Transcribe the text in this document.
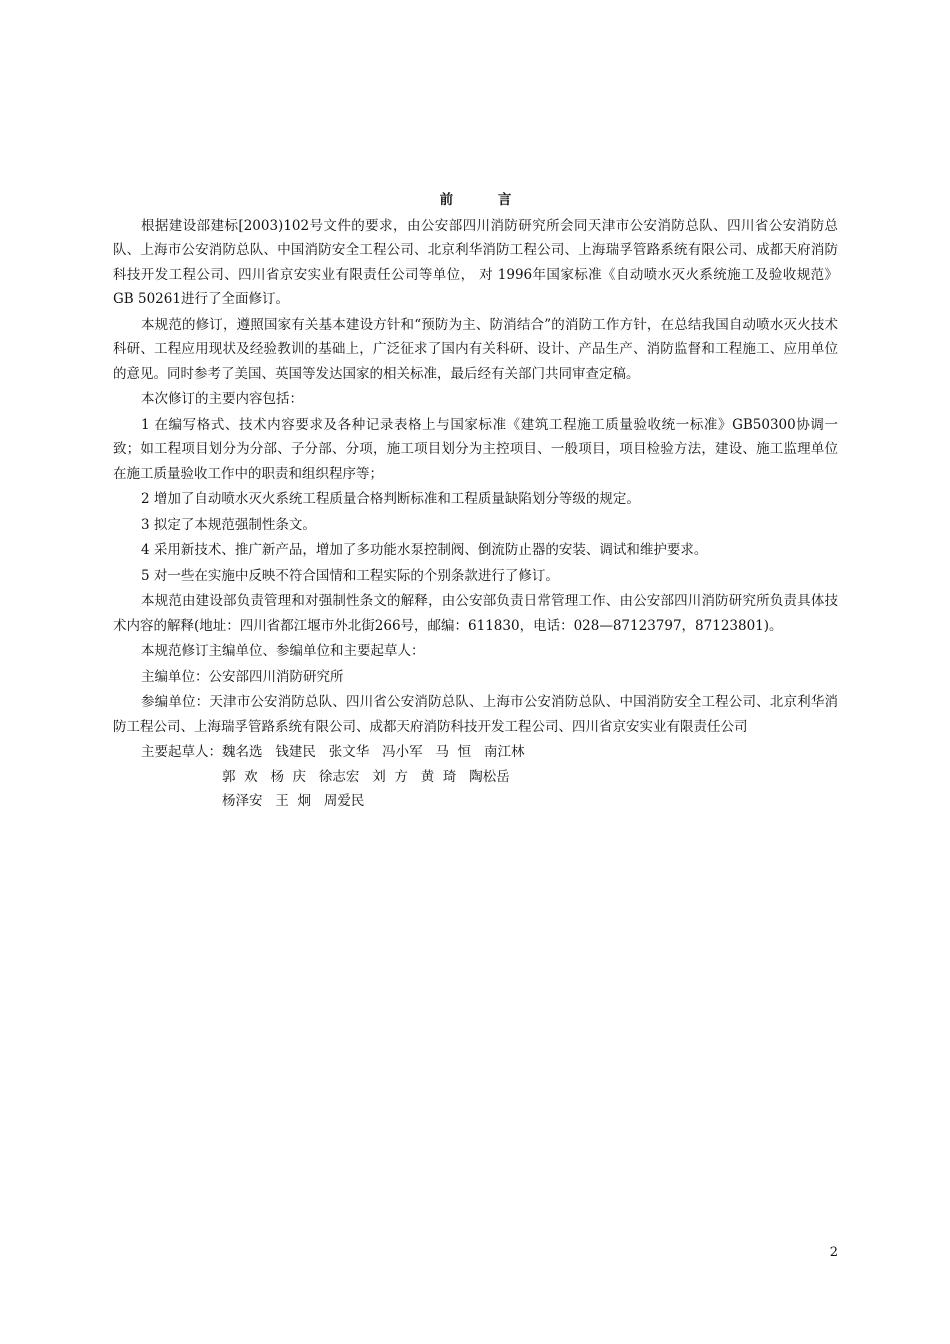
前 言
根据建设部建标[2003)102号文件的要求，由公安部四川消防研究所会同天津市公安消防总队、四川省公安消防总队、上海市公安消防总队、中国消防安全工程公司、北京利华消防工程公司、上海瑞孚管路系统有限公司、成都天府消防科技开发工程公司、四川省京安实业有限责任公司等单位， 对 1996年国家标准《自动喷水灭火系统施工及验收规范》GB 50261进行了全面修订。
本规范的修订，遵照国家有关基本建设方针和“预防为主、防消结合”的消防工作方针，在总结我国自动喷水灭火技术科研、工程应用现状及经验教训的基础上，广泛征求了国内有关科研、设计、产品生产、消防监督和工程施工、应用单位的意见。同时参考了美国、英国等发达国家的相关标准，最后经有关部门共同审查定稿。
本次修订的主要内容包括：
1 在编写格式、技术内容要求及各种记录表格上与国家标准《建筑工程施工质量验收统一标准》GB50300协调一致；如工程项目划分为分部、子分部、分项，施工项目划分为主控项目、一般项目，项目检验方法，建设、施工监理单位在施工质量验收工作中的职责和组织程序等；
2 增加了自动喷水灭火系统工程质量合格判断标准和工程质量缺陷划分等级的规定。
3 拟定了本规范强制性条文。
4 采用新技术、推广新产品，增加了多功能水泵控制阀、倒流防止器的安装、调试和维护要求。
5 对一些在实施中反映不符合国情和工程实际的个别条款进行了修订。
本规范由建设部负责管理和对强制性条文的解释，由公安部负责日常管理工作、由公安部四川消防研究所负责具体技术内容的解释(地址：四川省都江堰市外北街266号，邮编：611830，电话：028—87123797，87123801)。
本规范修订主编单位、参编单位和主要起草人：
主编单位：公安部四川消防研究所
参编单位：天津市公安消防总队、四川省公安消防总队、上海市公安消防总队、中国消防安全工程公司、北京利华消防工程公司、上海瑞孚管路系统有限公司、成都天府消防科技开发工程公司、四川省京安实业有限责任公司
主要起草人： 魏名选   钱建民   张文华   冯小军   马  恒   南江林
郭  欢   杨  庆   徐志宏   刘  方   黄  琦   陶松岳
杨泽安   王  炯   周爱民
2
